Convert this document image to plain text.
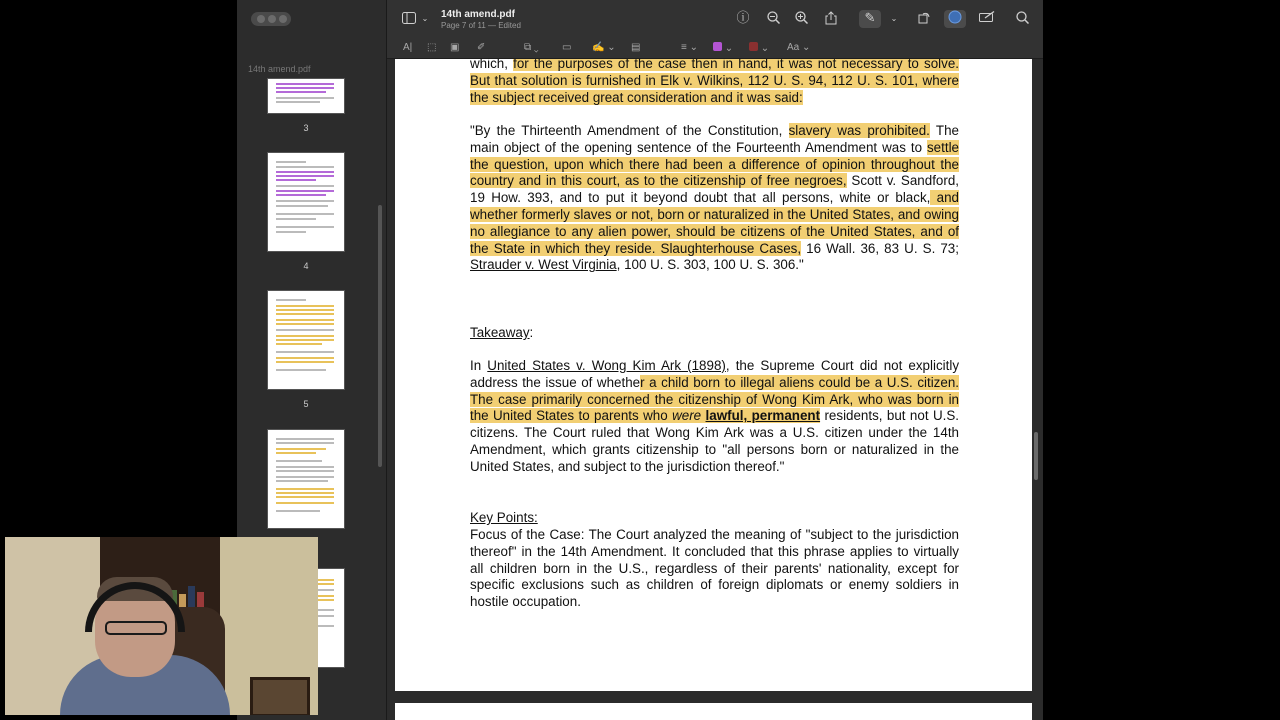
14th amend.pdf
3
4
5
⌄	14th amend.pdf
Page 7 of 11 — Edited
ⓘ	✎	⌄
A| ⬚ ▣ ✐	⧉ ⌄ ▭ ✍ ⌄ ▤	≡ ⌄	⌄	⌄ Aa ⌄
which, for the purposes of the case then in hand, it was not necessary to solve. But that solution is furnished in Elk v. Wilkins, 112 U. S. 94, 112 U. S. 101, where the subject received great consideration and it was said:
"By the Thirteenth Amendment of the Constitution, slavery was prohibited. The main object of the opening sentence of the Fourteenth Amendment was to settle the question, upon which there had been a difference of opinion throughout the country and in this court, as to the citizenship of free negroes, Scott v. Sandford, 19 How. 393, and to put it beyond doubt that all persons, white or black, and whether formerly slaves or not, born or naturalized in the United States, and owing no allegiance to any alien power, should be citizens of the United States, and of the State in which they reside. Slaughterhouse Cases, 16 Wall. 36, 83 U. S. 73; Strauder v. West Virginia, 100 U. S. 303, 100 U. S. 306."
Takeaway:
In United States v. Wong Kim Ark (1898), the Supreme Court did not explicitly address the issue of whether a child born to illegal aliens could be a U.S. citizen. The case primarily concerned the citizenship of Wong Kim Ark, who was born in the United States to parents who were lawful, permanent residents, but not U.S. citizens. The Court ruled that Wong Kim Ark was a U.S. citizen under the 14th Amendment, which grants citizenship to "all persons born or naturalized in the United States, and subject to the jurisdiction thereof."
Key Points:
Focus of the Case: The Court analyzed the meaning of "subject to the jurisdiction thereof" in the 14th Amendment. It concluded that this phrase applies to virtually all children born in the U.S., regardless of their parents' nationality, except for specific exclusions such as children of foreign diplomats or enemy soldiers in hostile occupation.
